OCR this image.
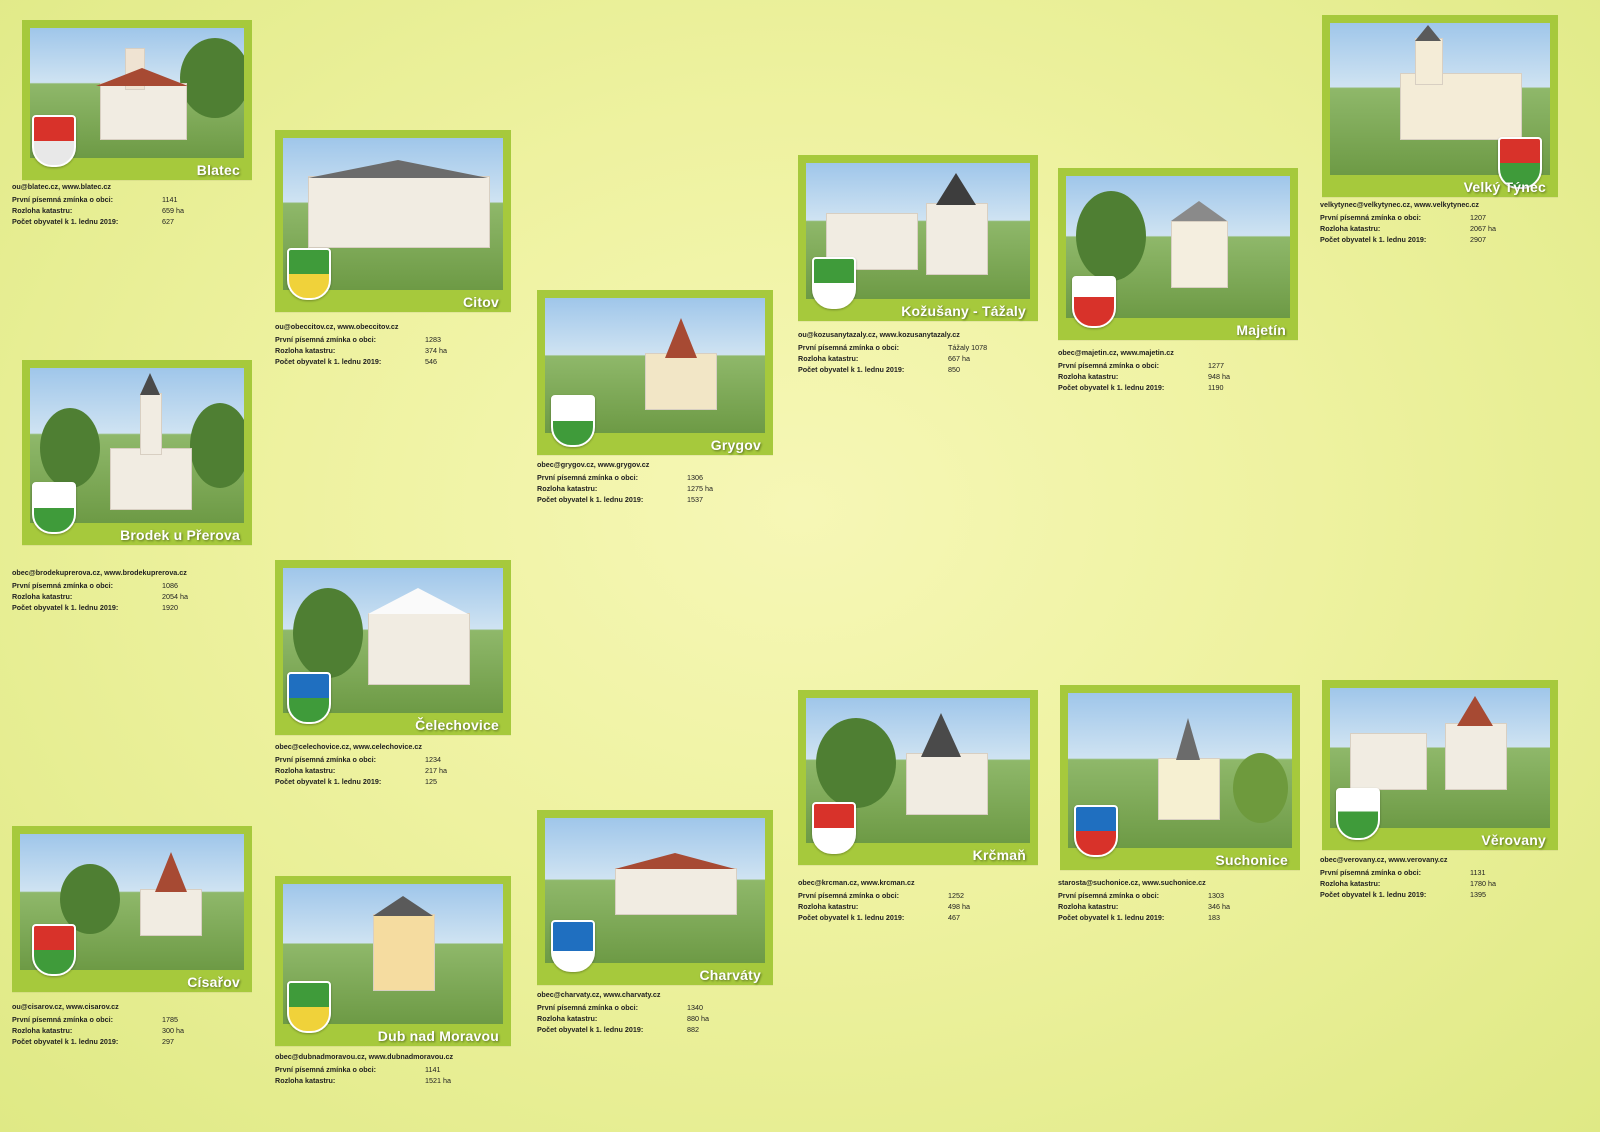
Blatec
ou@blatec.cz, www.blatec.cz
První písemná zmínka o obci:	1141
Rozloha katastru:	659 ha
Počet obyvatel k 1. lednu 2019:	627
Brodek u Přerova
obec@brodekuprerova.cz, www.brodekuprerova.cz
První písemná zmínka o obci:	1086
Rozloha katastru:	2054 ha
Počet obyvatel k 1. lednu 2019:	1920
Císařov
ou@cisarov.cz, www.cisarov.cz
První písemná zmínka o obci:	1785
Rozloha katastru:	300 ha
Počet obyvatel k 1. lednu 2019:	297
Citov
ou@obeccitov.cz, www.obeccitov.cz
První písemná zmínka o obci:	1283
Rozloha katastru:	374 ha
Počet obyvatel k 1. lednu 2019:	546
Čelechovice
obec@celechovice.cz, www.celechovice.cz
První písemná zmínka o obci:	1234
Rozloha katastru:	217 ha
Počet obyvatel k 1. lednu 2019:	125
Dub nad Moravou
obec@dubnadmoravou.cz, www.dubnadmoravou.cz
První písemná zmínka o obci:	1141
Rozloha katastru:	1521 ha
Grygov
obec@grygov.cz, www.grygov.cz
První písemná zmínka o obci:	1306
Rozloha katastru:	1275 ha
Počet obyvatel k 1. lednu 2019:	1537
Charváty
obec@charvaty.cz, www.charvaty.cz
První písemná zmínka o obci:	1340
Rozloha katastru:	880 ha
Počet obyvatel k 1. lednu 2019:	882
Kožušany - Tážaly
ou@kozusanytazaly.cz, www.kozusanytazaly.cz
První písemná zmínka o obci:	Tážaly 1078
Rozloha katastru:	667 ha
Počet obyvatel k 1. lednu 2019:	850
Krčmaň
obec@krcman.cz, www.krcman.cz
První písemná zmínka o obci:	1252
Rozloha katastru:	498 ha
Počet obyvatel k 1. lednu 2019:	467
Majetín
obec@majetin.cz, www.majetin.cz
První písemná zmínka o obci:	1277
Rozloha katastru:	948 ha
Počet obyvatel k 1. lednu 2019:	1190
Suchonice
starosta@suchonice.cz, www.suchonice.cz
První písemná zmínka o obci:	1303
Rozloha katastru:	346 ha
Počet obyvatel k 1. lednu 2019:	183
Velký Týnec
velkytynec@velkytynec.cz, www.velkytynec.cz
První písemná zmínka o obci:	1207
Rozloha katastru:	2067 ha
Počet obyvatel k 1. lednu 2019:	2907
Věrovany
obec@verovany.cz, www.verovany.cz
První písemná zmínka o obci:	1131
Rozloha katastru:	1780 ha
Počet obyvatel k 1. lednu 2019:	1395
